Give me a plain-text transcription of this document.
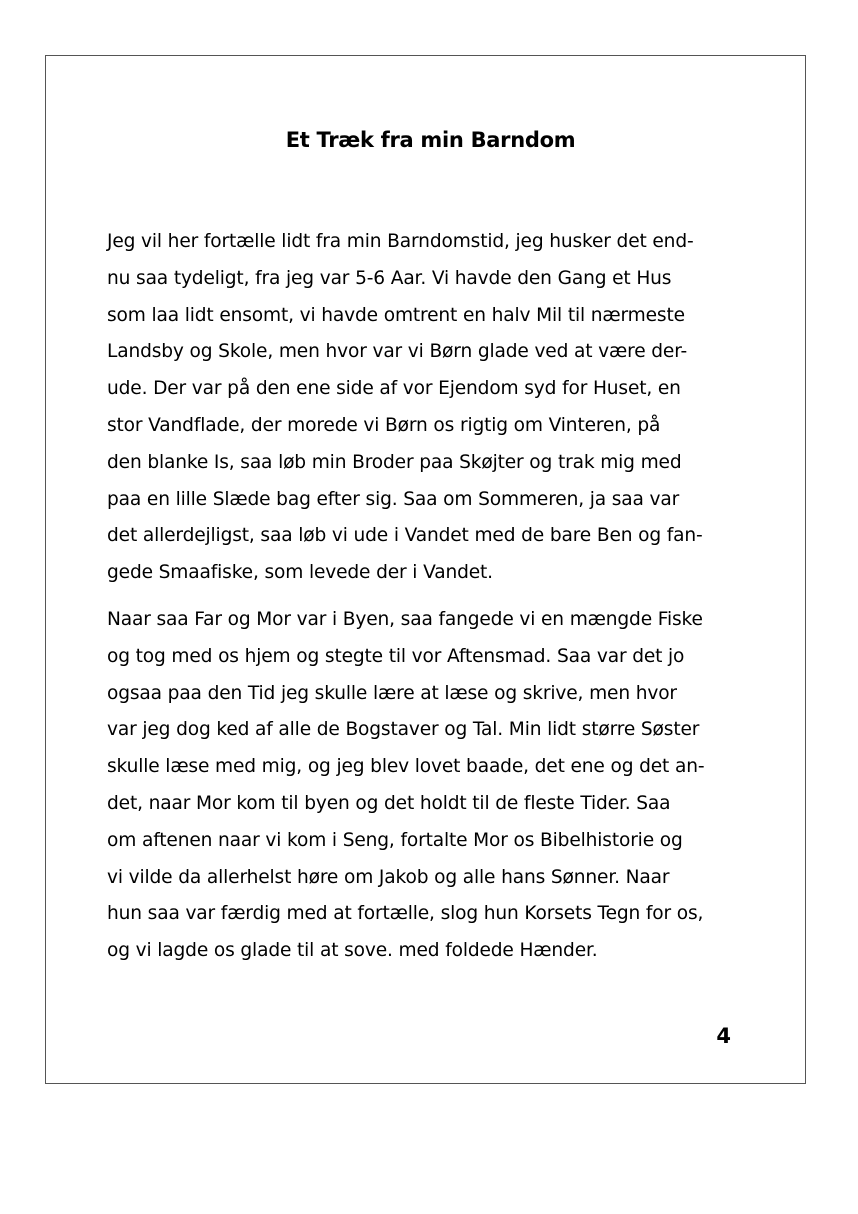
Et Træk fra min Barndom
Jeg vil her fortælle lidt fra min Barndomstid, jeg husker det end-
nu saa tydeligt, fra jeg var 5-6 Aar. Vi havde den Gang et Hus
som laa lidt ensomt, vi havde omtrent en halv Mil til nærmeste
Landsby og Skole, men hvor var vi Børn glade ved at være der-
ude. Der var på den ene side af vor Ejendom syd for Huset, en
stor Vandflade, der morede vi Børn os rigtig om Vinteren, på
den blanke Is, saa løb min Broder paa Skøjter og trak mig med
paa en lille Slæde bag efter sig. Saa om Sommeren, ja saa var
det allerdejligst, saa løb vi ude i Vandet med de bare Ben og fan-
gede Smaafiske, som levede der i Vandet.
Naar saa Far og Mor var i Byen, saa fangede vi en mængde Fiske
og tog med os hjem og stegte til vor Aftensmad. Saa var det jo
ogsaa paa den Tid jeg skulle lære at læse og skrive, men hvor
var jeg dog ked af alle de Bogstaver og Tal. Min lidt større Søster
skulle læse med mig, og jeg blev lovet baade, det ene og det an-
det, naar Mor kom til byen og det holdt til de fleste Tider. Saa
om aftenen naar vi kom i Seng, fortalte Mor os Bibelhistorie og
vi vilde da allerhelst høre om Jakob og alle hans Sønner. Naar
hun saa var færdig med at fortælle, slog hun Korsets Tegn for os,
og vi lagde os glade til at sove. med foldede Hænder.
4
